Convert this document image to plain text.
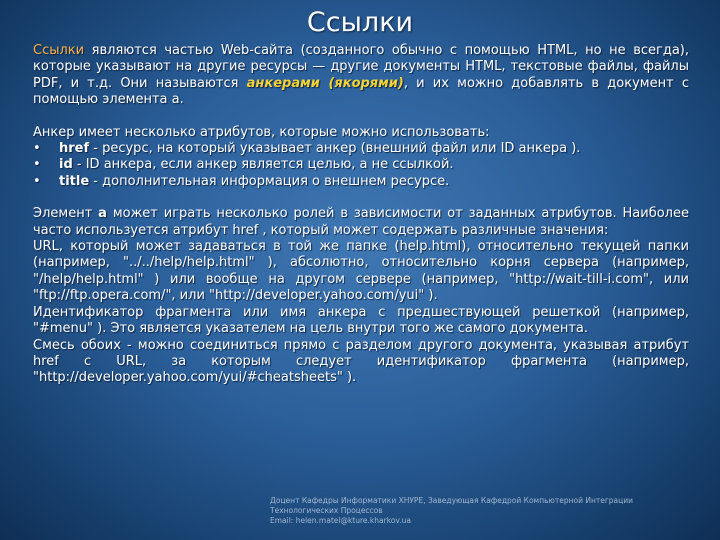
Ссылки

Ссылки являются частью Web-сайта (созданного обычно с помощью HTML, но не всегда), которые указывают на другие ресурсы — другие документы HTML, текстовые файлы, файлы PDF, и т.д. Они называются анкерами (якорями), и их можно добавлять в документ с помощью элемента a.

Анкер имеет несколько атрибутов, которые можно использовать:

• href - ресурс, на который указывает анкер (внешний файл или ID анкера ).
• id - ID анкера, если анкер является целью, а не ссылкой.
• title - дополнительная информация о внешнем ресурсе.

Элемент a может играть несколько ролей в зависимости от заданных атрибутов. Наиболее часто используется атрибут href , который может содержать различные значения:

URL, который может задаваться в той же папке (help.html), относительно текущей папки (например, "../../help/help.html" ), абсолютно, относительно корня сервера (например, "/help/help.html" ) или вообще на другом сервере (например, "http://wait-till-i.com", или "ftp://ftp.opera.com/", или "http://developer.yahoo.com/yui" ).

Идентификатор фрагмента или имя анкера с предшествующей решеткой (например, "#menu" ). Это является указателем на цель внутри того же самого документа.

Смесь обоих - можно соединиться прямо с разделом другого документа, указывая атрибут href с URL, за которым следует идентификатор фрагмента (например, "http://developer.yahoo.com/yui/#cheatsheets" ).

Доцент Кафедры Информатики ХНУРЕ, Заведующая Кафедрой Компьютерной Интеграции Технологических Процессов
Email: helen.matel@kture.kharkov.ua
